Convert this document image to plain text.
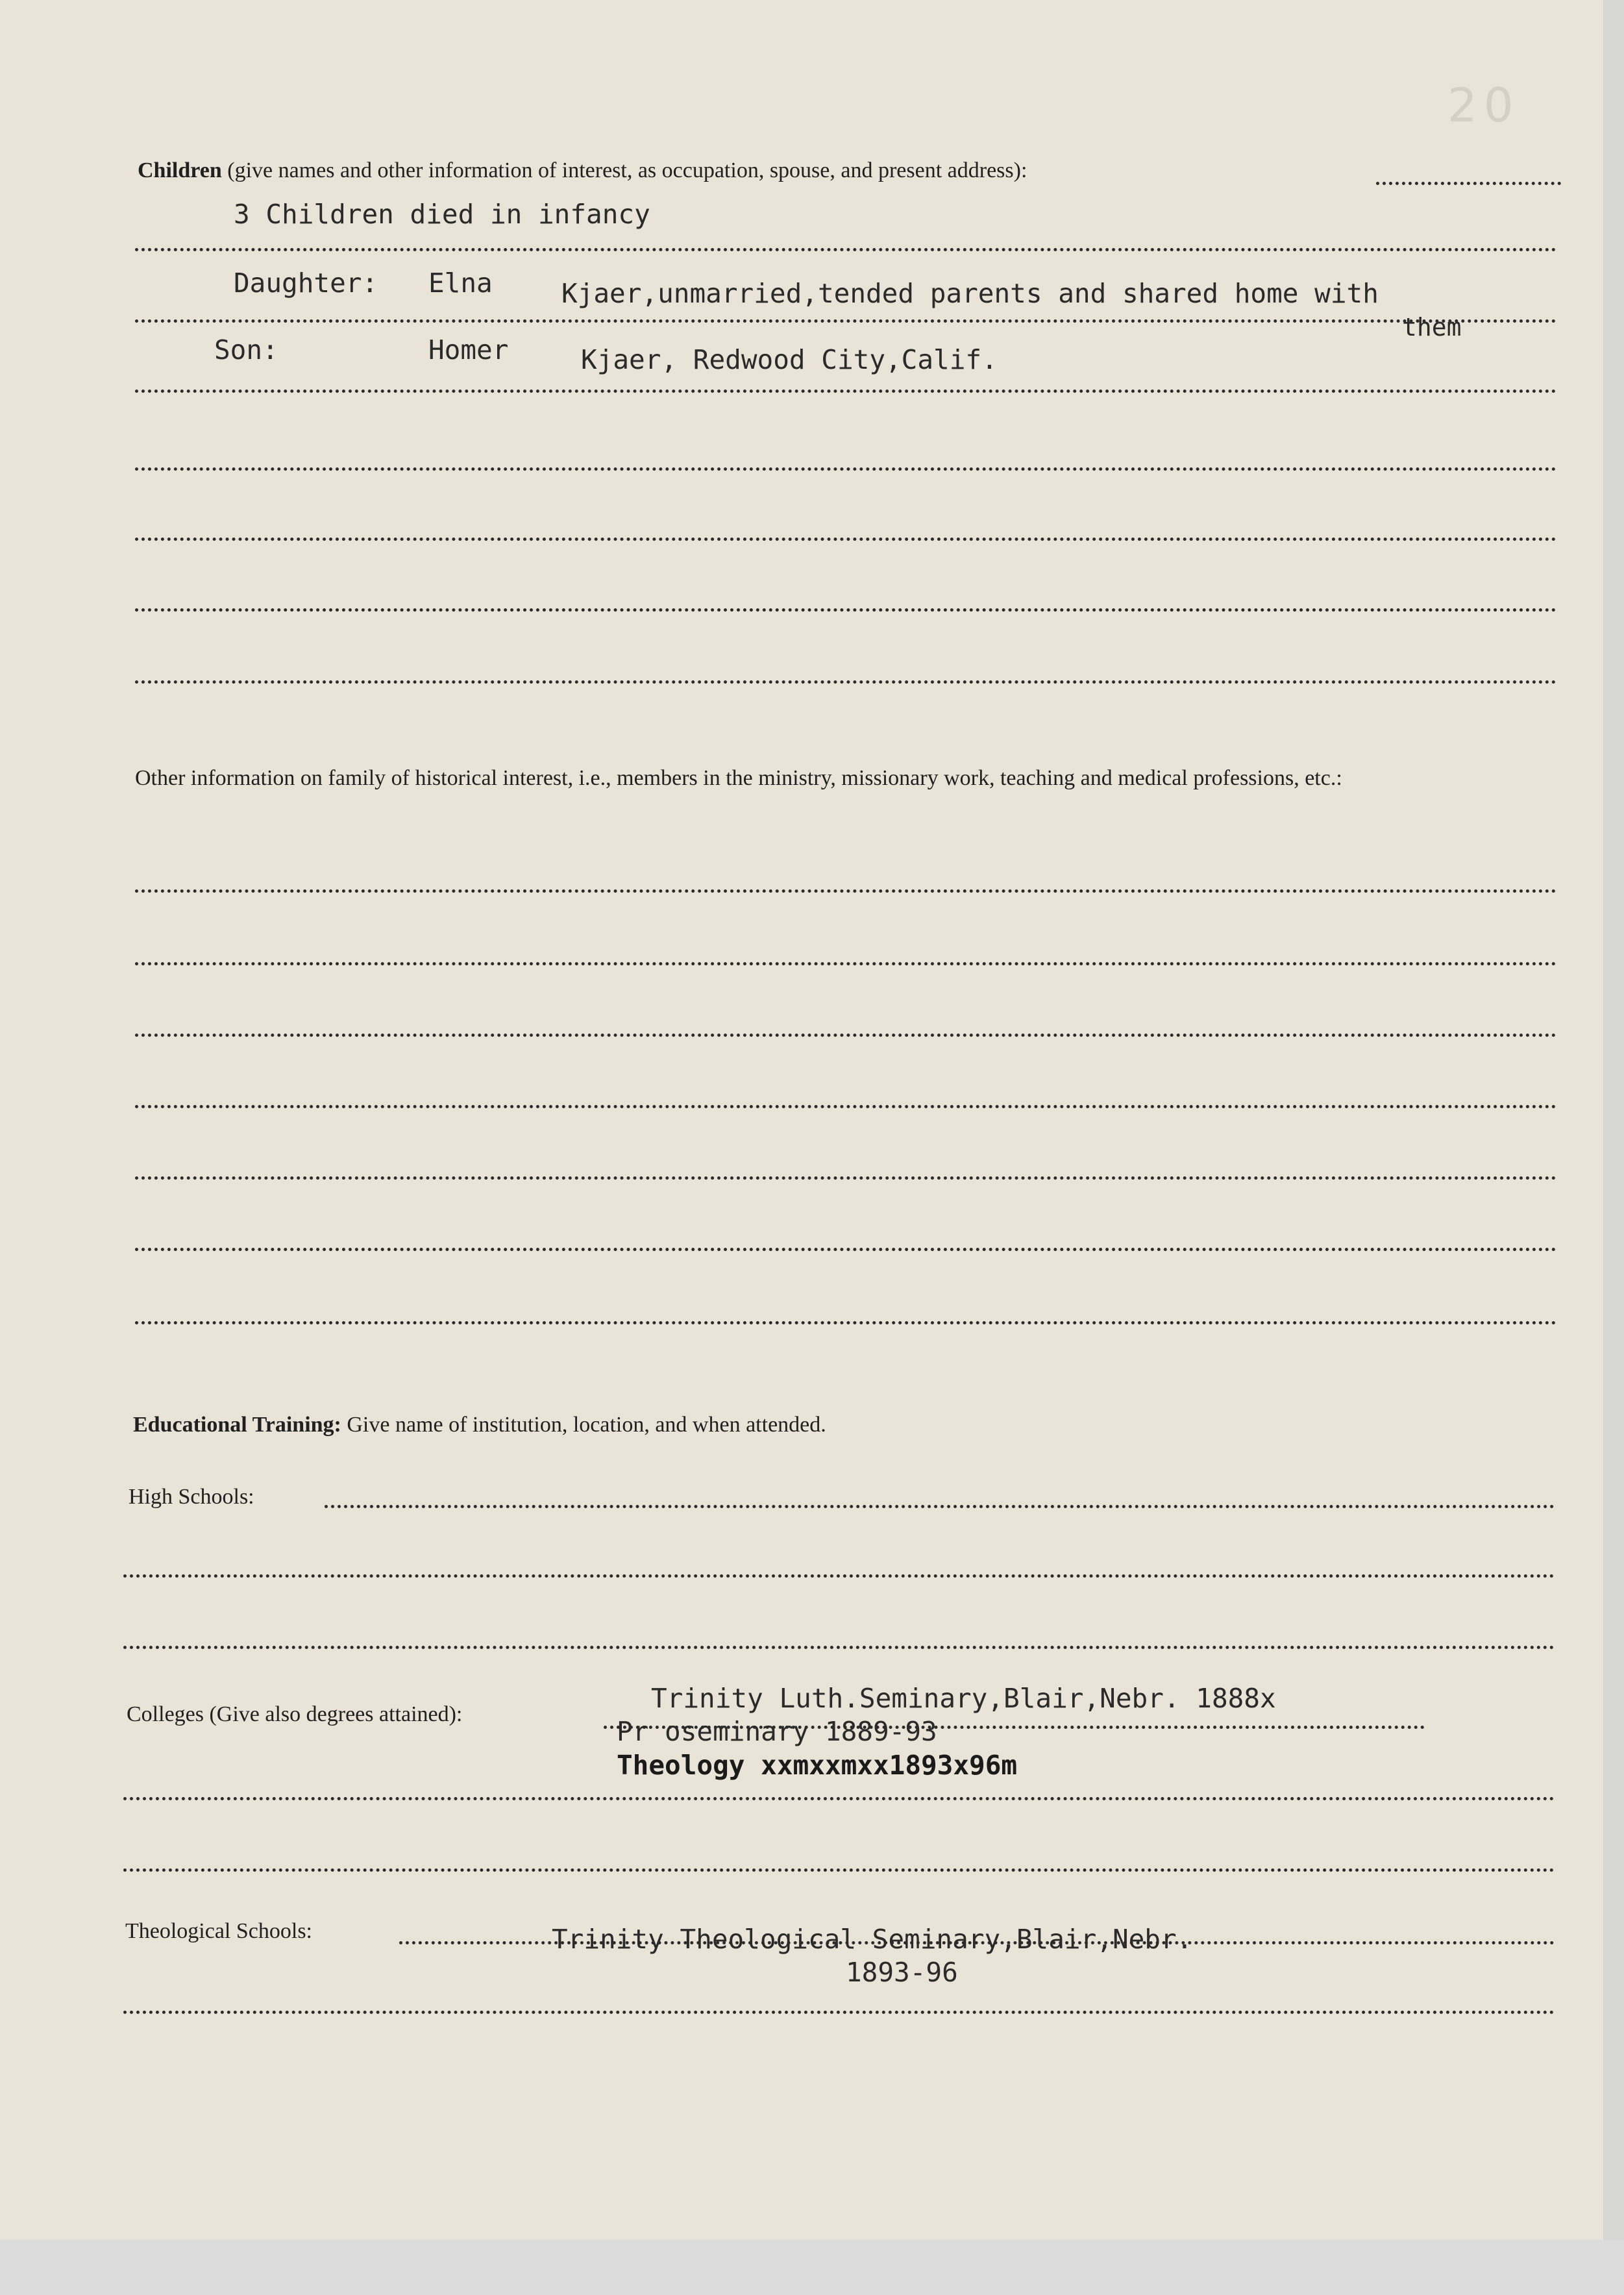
20
Children (give names and other information of interest, as occupation, spouse, and present address):
3 Children died in infancy
Daughter: Elna	Kjaer,unmarried,tended parents and shared home with
them
Son:	Homer	Kjaer, Redwood City,Calif.
Other information on family of historical interest, i.e., members in the ministry, missionary work, teaching and medical professions, etc.:
Educational Training: Give name of institution, location, and when attended.
High Schools:
Colleges (Give also degrees attained):
Trinity Luth.Seminary,Blair,Nebr. 1888x
Pr oseminary 1889-93
Theology xxmxxmxx1893x96m
Theological Schools:	Trinity Theological Seminary,Blair,Nebr.
1893-96
